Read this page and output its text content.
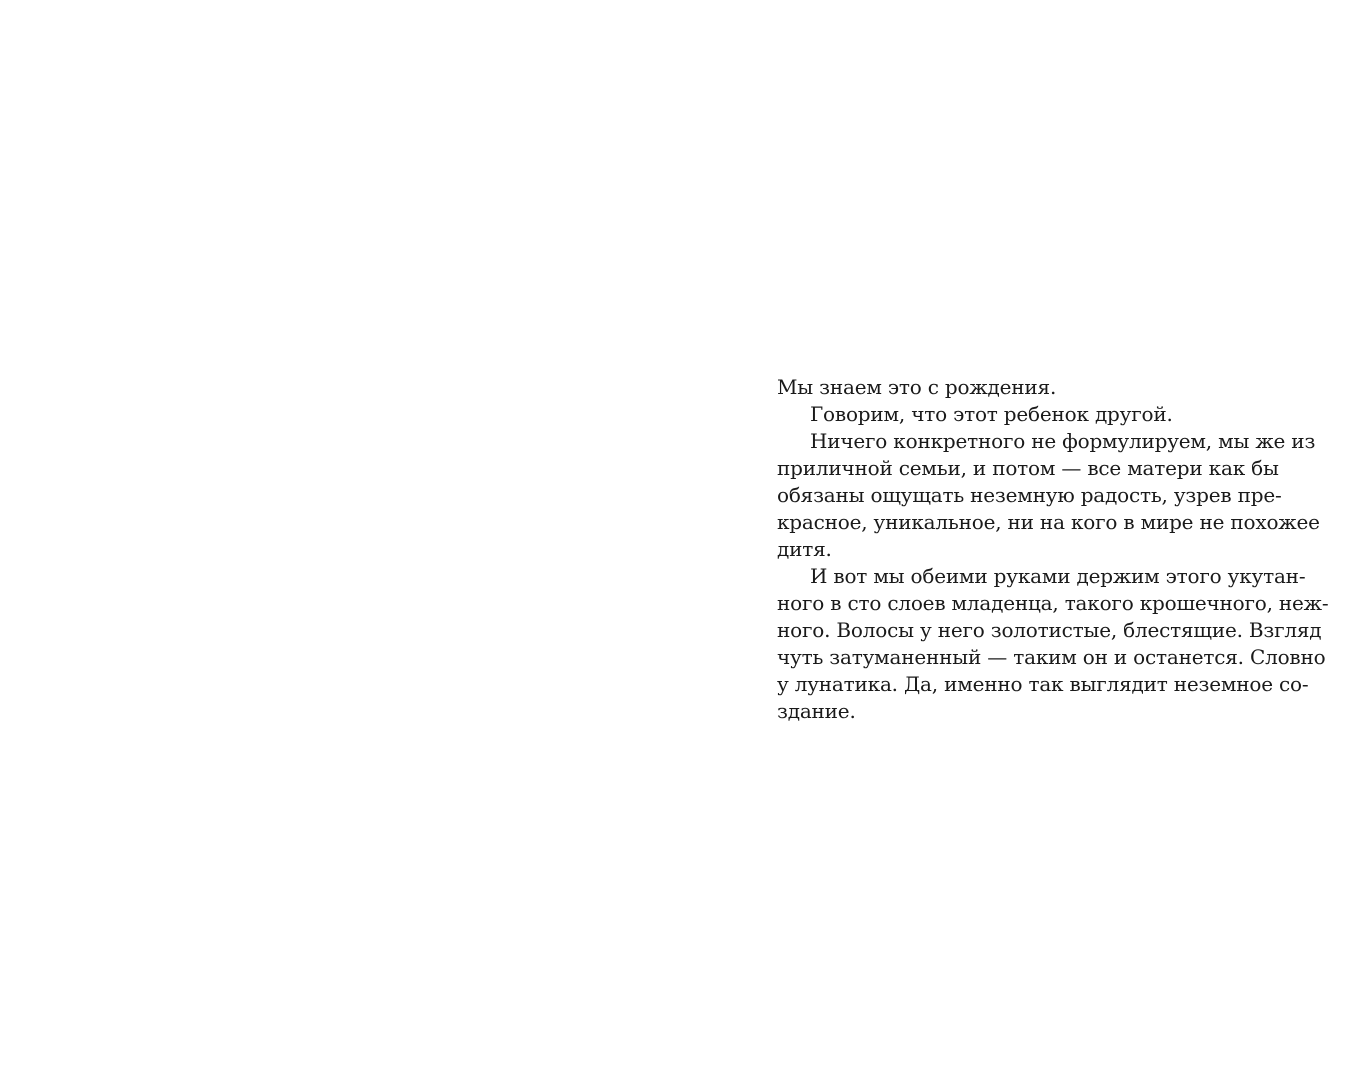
Мы знаем это с рождения.
Говорим, что этот ребенок другой.
Ничего конкретного не формулируем, мы же из
приличной семьи, и потом — все матери как бы
обязаны ощущать неземную радость, узрев пре-
красное, уникальное, ни на кого в мире не похожее
дитя.
И вот мы обеими руками держим этого укутан-
ного в сто слоев младенца, такого крошечного, неж-
ного. Волосы у него золотистые, блестящие. Взгляд
чуть затуманенный — таким он и останется. Словно
у лунатика. Да, именно так выглядит неземное со-
здание.
